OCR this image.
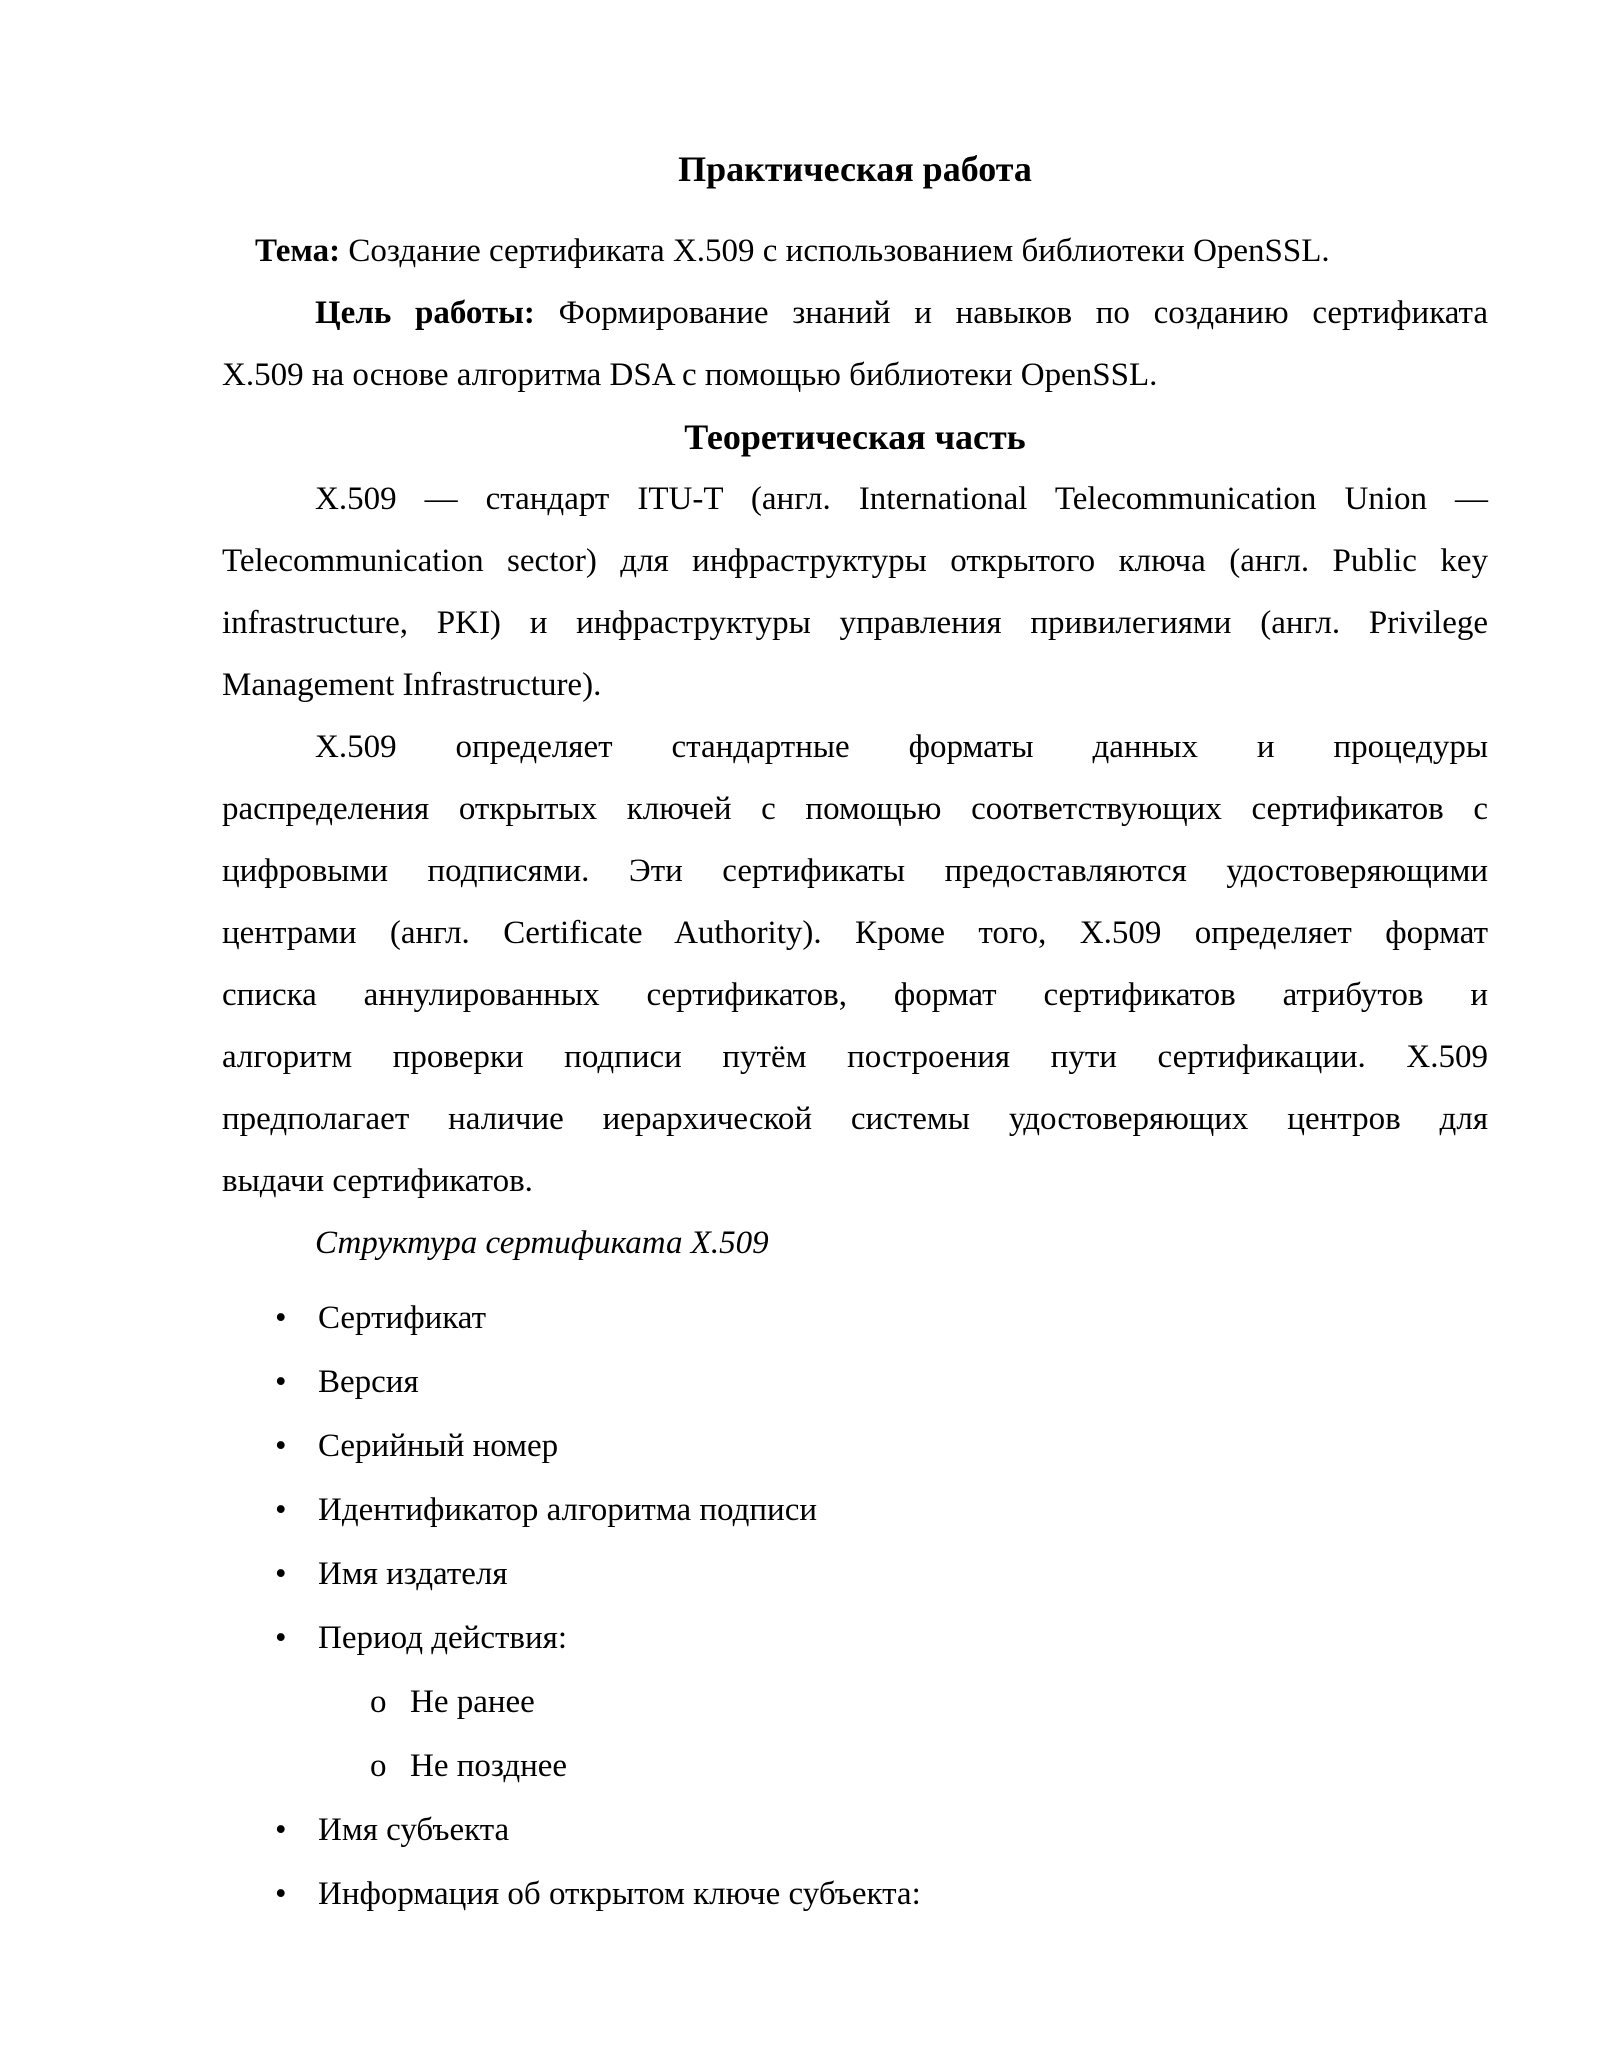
Практическая работа
Тема: Создание сертификата X.509 с использованием библиотеки OpenSSL.
Цель работы: Формирование знаний и навыков по созданию сертификата
X.509 на основе алгоритма DSA с помощью библиотеки OpenSSL.
Теоретическая часть
X.509 — стандарт ITU-T (англ. International Telecommunication Union —
Telecommunication sector) для инфраструктуры открытого ключа (англ. Public key
infrastructure, PKI) и инфраструктуры управления привилегиями (англ. Privilege
Management Infrastructure).
X.509 определяет стандартные форматы данных и процедуры
распределения открытых ключей с помощью соответствующих сертификатов с
цифровыми подписями. Эти сертификаты предоставляются удостоверяющими
центрами (англ. Certificate Authority). Кроме того, X.509 определяет формат
списка аннулированных сертификатов, формат сертификатов атрибутов и
алгоритм проверки подписи путём построения пути сертификации. X.509
предполагает наличие иерархической системы удостоверяющих центров для
выдачи сертификатов.
Структура сертификата X.509
• Сертификат
• Версия
• Серийный номер
• Идентификатор алгоритма подписи
• Имя издателя
• Период действия:
o Не ранее
o Не позднее
• Имя субъекта
• Информация об открытом ключе субъекта:
